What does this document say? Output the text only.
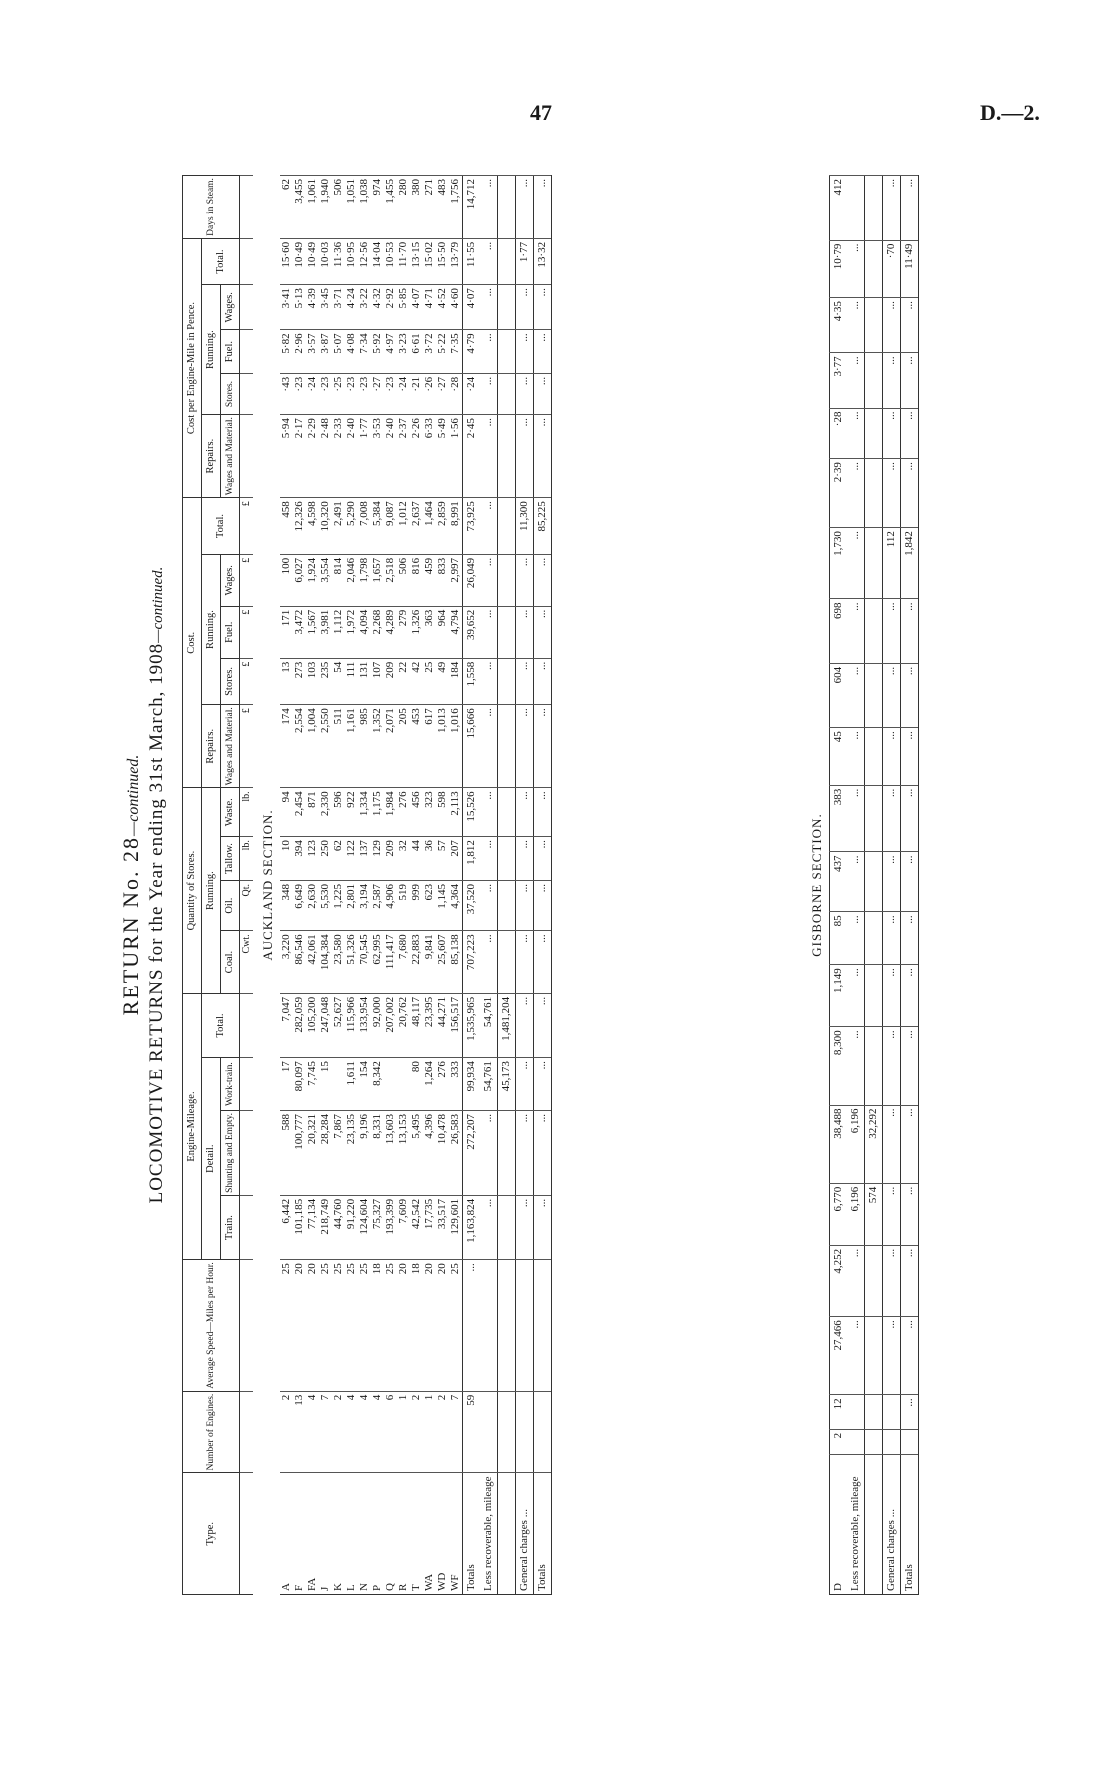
47	D.—2.
RETURN No. 28—continued. LOCOMOTIVE RETURNS for the Year ending 31st March, 1908—continued.
Type.	Number of Engines.	Average Speed—Miles per Hour.	Engine-Mileage.				Quantity of Stores.				Cost.					Cost per Engine-Mile in Pence.					Days in Steam.
			Detail.			Total.	Running.				Repairs.	Running.			Total.	Repairs.	Running.			Total.	
			Train.	Shunting and Empty.	Work-train.		Coal.	Oil.	Tallow.	Waste.	Wages and Material.	Stores.	Fuel.	Wages.		Wages and Material.	Stores.	Fuel.	Wages.		
							Cwt.	Qt.	lb.	lb.	£	£	£	£	£						
AUCKLAND SECTION.																					
A	2	25	6,442	588	17	7,047	3,220	348	10	94	174	13	171	100	458	5·94	·43	5·82	3·41	15·60	62
F	13	20	101,185	100,777	80,097	282,059	86,546	6,649	394	2,454	2,554	273	3,472	6,027	12,326	2·17	·23	2·96	5·13	10·49	3,455
FA	4	20	77,134	20,321	7,745	105,200	42,061	2,630	123	871	1,004	103	1,567	1,924	4,598	2·29	·24	3·57	4·39	10·49	1,061
J	7	25	218,749	28,284	15	247,048	104,384	5,530	250	2,330	2,550	235	3,981	3,554	10,320	2·48	·23	3·87	3·45	10·03	1,940
K	2	25	44,760	7,867		52,627	23,580	1,225	62	596	511	54	1,112	814	2,491	2·33	·25	5·07	3·71	11·36	506
L	4	25	91,220	23,135	1,611	115,966	51,326	2,801	122	922	1,161	111	1,972	2,046	5,290	2·40	·23	4·08	4·24	10·95	1,051
N	4	25	124,604	9,196	154	133,954	70,545	3,194	137	1,334	985	131	4,094	1,798	7,008	1·77	·23	7·34	3·22	12·56	1,038
P	4	18	75,327	8,331	8,342	92,000	62,995	2,587	129	1,175	1,352	107	2,268	1,657	5,384	3·53	·27	5·92	4·32	14·04	974
Q	6	25	193,399	13,603		207,002	111,417	4,906	209	1,984	2,071	209	4,289	2,518	9,087	2·40	·23	4·97	2·92	10·53	1,455
R	1	20	7,609	13,153		20,762	7,680	519	32	276	205	22	279	506	1,012	2·37	·24	3·23	5·85	11·70	280
T	2	18	42,542	5,495	80	48,117	22,883	999	44	456	453	42	1,326	816	2,637	2·26	·21	6·61	4·07	13·15	380
WA	1	20	17,735	4,396	1,264	23,395	9,841	623	36	323	617	25	363	459	1,464	6·33	·26	3·72	4·71	15·02	271
WD	2	20	33,517	10,478	276	44,271	25,607	1,145	57	598	1,013	49	964	833	2,859	5·49	·27	5·22	4·52	15·50	483
WF	7	25	129,601	26,583	333	156,517	85,138	4,364	207	2,113	1,016	184	4,794	2,997	8,991	1·56	·28	7·35	4·60	13·79	1,756
Totals	59	...	1,163,824	272,207	99,934	1,535,965	707,223	37,520	1,812	15,526	15,666	1,558	39,652	26,049	73,925	2·45	·24	4·79	4·07	11·55	14,712
Less recoverable, mileage			...	...	54,761	54,761	...	...	...	...	...	...	...	...	...	...	...	...	...	...	...
					45,173	1,481,204															
General charges ...			...	...	...	...	...	...	...	...	...	...	...	...	11,300	...	...	...	...	1·77	...
Totals			...	...	...	...	...	...	...	...	...	...	...	...	85,225	...	...	...	...	13·32	...
GISBORNE SECTION.																					
D	2	12	27,466	4,252	6,770	38,488	8,300	1,149	85	437	383	45	604	698	1,730	2·39	·28	3·77	4·35	10·79	412
Less recoverable, mileage			...	...	6,196	6,196	...	...	...	...	...	...	...	...	...	...	...	...	...	...	
					574	32,292															
General charges ...			...	...	...	...	...	...	...	...	...	...	...	...	112	...	...	...	...	·70	...
Totals		...	...	...	...	...	...	...	...	...	...	...	...	...	1,842	...	...	...	...	11·49	...
